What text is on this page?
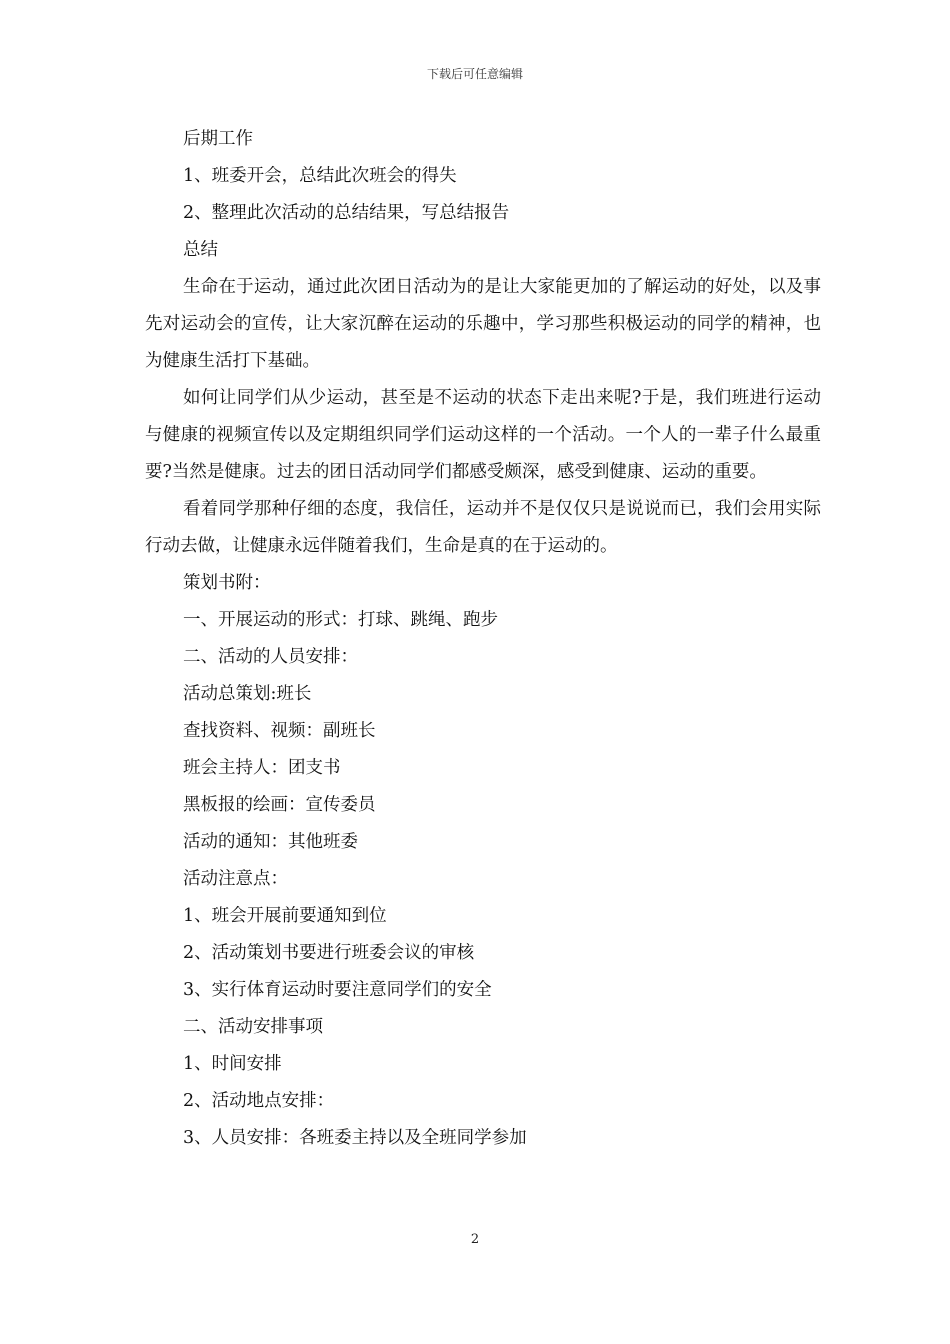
下载后可任意编辑

后期工作

1、班委开会，总结此次班会的得失

2、整理此次活动的总结结果，写总结报告

总结

生命在于运动，通过此次团日活动为的是让大家能更加的了解运动的好处，以及事先对运动会的宣传，让大家沉醉在运动的乐趣中，学习那些积极运动的同学的精神，也为健康生活打下基础。

如何让同学们从少运动，甚至是不运动的状态下走出来呢?于是，我们班进行运动与健康的视频宣传以及定期组织同学们运动这样的一个活动。一个人的一辈子什么最重要?当然是健康。过去的团日活动同学们都感受颇深，感受到健康、运动的重要。

看着同学那种仔细的态度，我信任，运动并不是仅仅只是说说而已，我们会用实际行动去做，让健康永远伴随着我们，生命是真的在于运动的。

策划书附：

一、开展运动的形式：打球、跳绳、跑步

二、活动的人员安排：

活动总策划:班长

查找资料、视频：副班长

班会主持人：团支书

黑板报的绘画：宣传委员

活动的通知：其他班委

活动注意点：

1、班会开展前要通知到位

2、活动策划书要进行班委会议的审核

3、实行体育运动时要注意同学们的安全

二、活动安排事项

1、时间安排

2、活动地点安排：

3、人员安排：各班委主持以及全班同学参加

2
